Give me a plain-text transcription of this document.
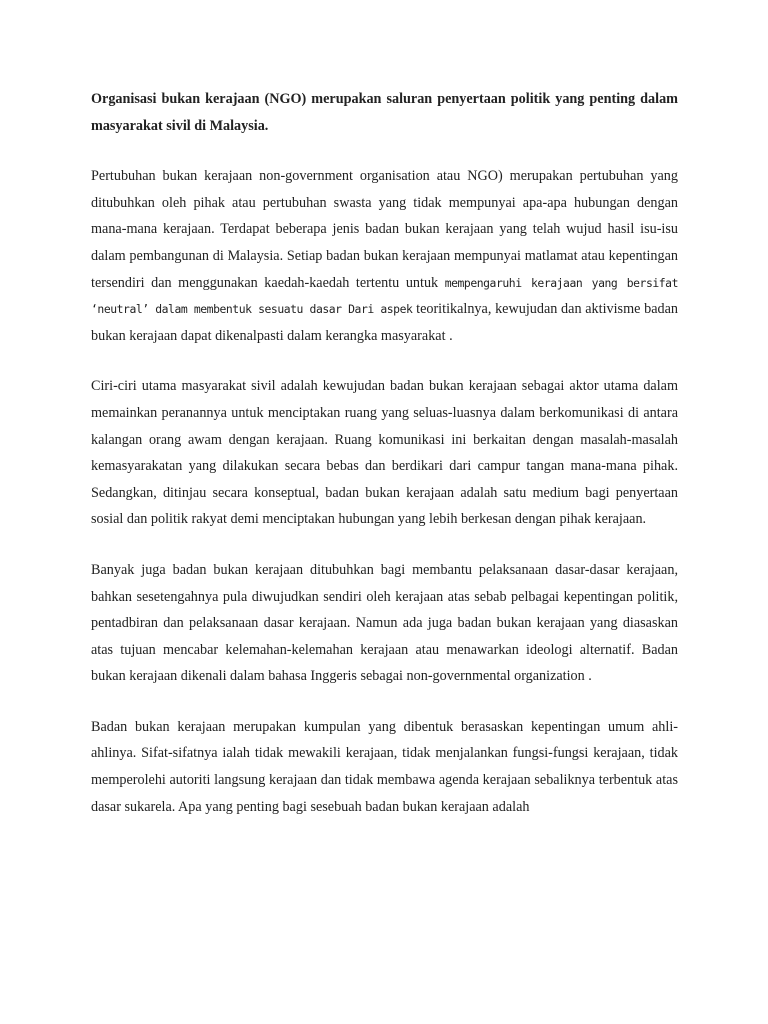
Organisasi bukan kerajaan (NGO) merupakan saluran penyertaan politik yang penting dalam masyarakat sivil di Malaysia.

Pertubuhan bukan kerajaan non-government organisation atau NGO) merupakan pertubuhan yang ditubuhkan oleh pihak atau pertubuhan swasta yang tidak mempunyai apa-apa hubungan dengan mana-mana kerajaan. Terdapat beberapa jenis badan bukan kerajaan yang telah wujud hasil isu-isu dalam pembangunan di Malaysia. Setiap badan bukan kerajaan mempunyai matlamat atau kepentingan tersendiri dan menggunakan kaedah-kaedah tertentu untuk mempengaruhi kerajaan yang bersifat ‘neutral’ dalam membentuk sesuatu dasar Dari aspek teoritikalnya, kewujudan dan aktivisme badan bukan kerajaan dapat dikenalpasti dalam kerangka masyarakat .

Ciri-ciri utama masyarakat sivil adalah kewujudan badan bukan kerajaan sebagai aktor utama dalam memainkan peranannya untuk menciptakan ruang yang seluas-luasnya dalam berkomunikasi di antara kalangan orang awam dengan kerajaan. Ruang komunikasi ini berkaitan dengan masalah-masalah kemasyarakatan yang dilakukan secara bebas dan berdikari dari campur tangan mana-mana pihak. Sedangkan, ditinjau secara konseptual, badan bukan kerajaan adalah satu medium bagi penyertaan sosial dan politik rakyat demi menciptakan hubungan yang lebih berkesan dengan pihak kerajaan.

Banyak juga badan bukan kerajaan ditubuhkan bagi membantu pelaksanaan dasar-dasar kerajaan, bahkan sesetengahnya pula diwujudkan sendiri oleh kerajaan atas sebab pelbagai kepentingan politik, pentadbiran dan pelaksanaan dasar kerajaan. Namun ada juga badan bukan kerajaan yang diasaskan atas tujuan mencabar kelemahan-kelemahan kerajaan atau menawarkan ideologi alternatif. Badan bukan kerajaan dikenali dalam bahasa Inggeris sebagai non-governmental organization .

Badan bukan kerajaan merupakan kumpulan yang dibentuk berasaskan kepentingan umum ahli-ahlinya. Sifat-sifatnya ialah tidak mewakili kerajaan, tidak menjalankan fungsi-fungsi kerajaan, tidak memperolehi autoriti langsung kerajaan dan tidak membawa agenda kerajaan sebaliknya terbentuk atas dasar sukarela. Apa yang penting bagi sesebuah badan bukan kerajaan adalah
